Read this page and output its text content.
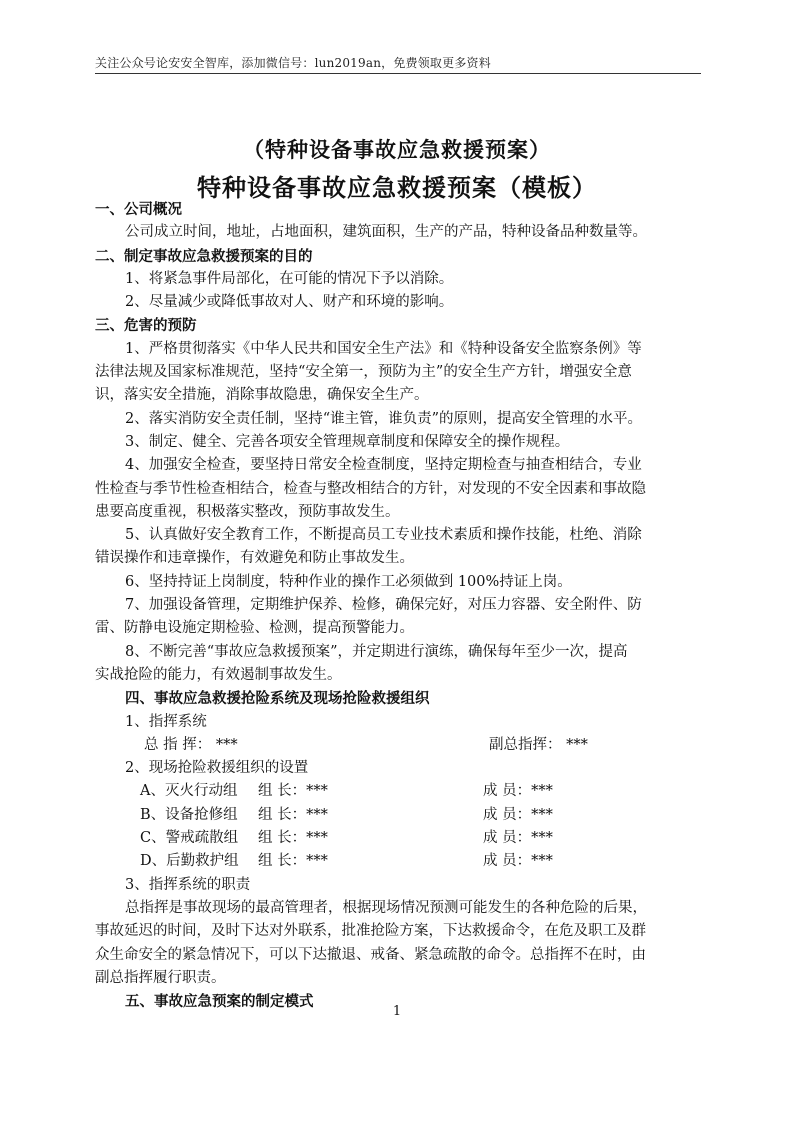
关注公众号论安安全智库，添加微信号：lun2019an，免费领取更多资料
（特种设备事故应急救援预案）
特种设备事故应急救援预案（模板）
一、公司概况
公司成立时间，地址，占地面积，建筑面积，生产的产品，特种设备品种数量等。
二、制定事故应急救援预案的目的
1、将紧急事件局部化，在可能的情况下予以消除。
2、尽量减少或降低事故对人、财产和环境的影响。
三、危害的预防
1、严格贯彻落实《中华人民共和国安全生产法》和《特种设备安全监察条例》等
法律法规及国家标准规范，坚持“安全第一，预防为主”的安全生产方针，增强安全意
识，落实安全措施，消除事故隐患，确保安全生产。
2、落实消防安全责任制，坚持“谁主管，谁负责”的原则，提高安全管理的水平。
3、制定、健全、完善各项安全管理规章制度和保障安全的操作规程。
4、加强安全检查，要坚持日常安全检查制度，坚持定期检查与抽查相结合，专业
性检查与季节性检查相结合，检查与整改相结合的方针，对发现的不安全因素和事故隐
患要高度重视，积极落实整改，预防事故发生。
5、认真做好安全教育工作，不断提高员工专业技术素质和操作技能，杜绝、消除
错误操作和违章操作，有效避免和防止事故发生。
6、坚持持证上岗制度，特种作业的操作工必须做到 100%持证上岗。
7、加强设备管理，定期维护保养、检修，确保完好，对压力容器、安全附件、防
雷、防静电设施定期检验、检测，提高预警能力。
8、不断完善“事故应急救援预案”，并定期进行演练，确保每年至少一次，提高
实战抢险的能力，有效遏制事故发生。
四、事故应急救援抢险系统及现场抢险救援组织
1、指挥系统
总 指 挥： ***	副总指挥： ***
2、现场抢险救援组织的设置
A、灭火行动组	组 长：***	成 员：***
B、设备抢修组	组 长：***	成 员：***
C、警戒疏散组	组 长：***	成 员：***
D、后勤救护组	组 长：***	成 员：***
3、指挥系统的职责
总指挥是事故现场的最高管理者，根据现场情况预测可能发生的各种危险的后果，
事故延迟的时间，及时下达对外联系，批准抢险方案，下达救援命令，在危及职工及群
众生命安全的紧急情况下，可以下达撤退、戒备、紧急疏散的命令。总指挥不在时，由
副总指挥履行职责。
五、事故应急预案的制定模式
1
